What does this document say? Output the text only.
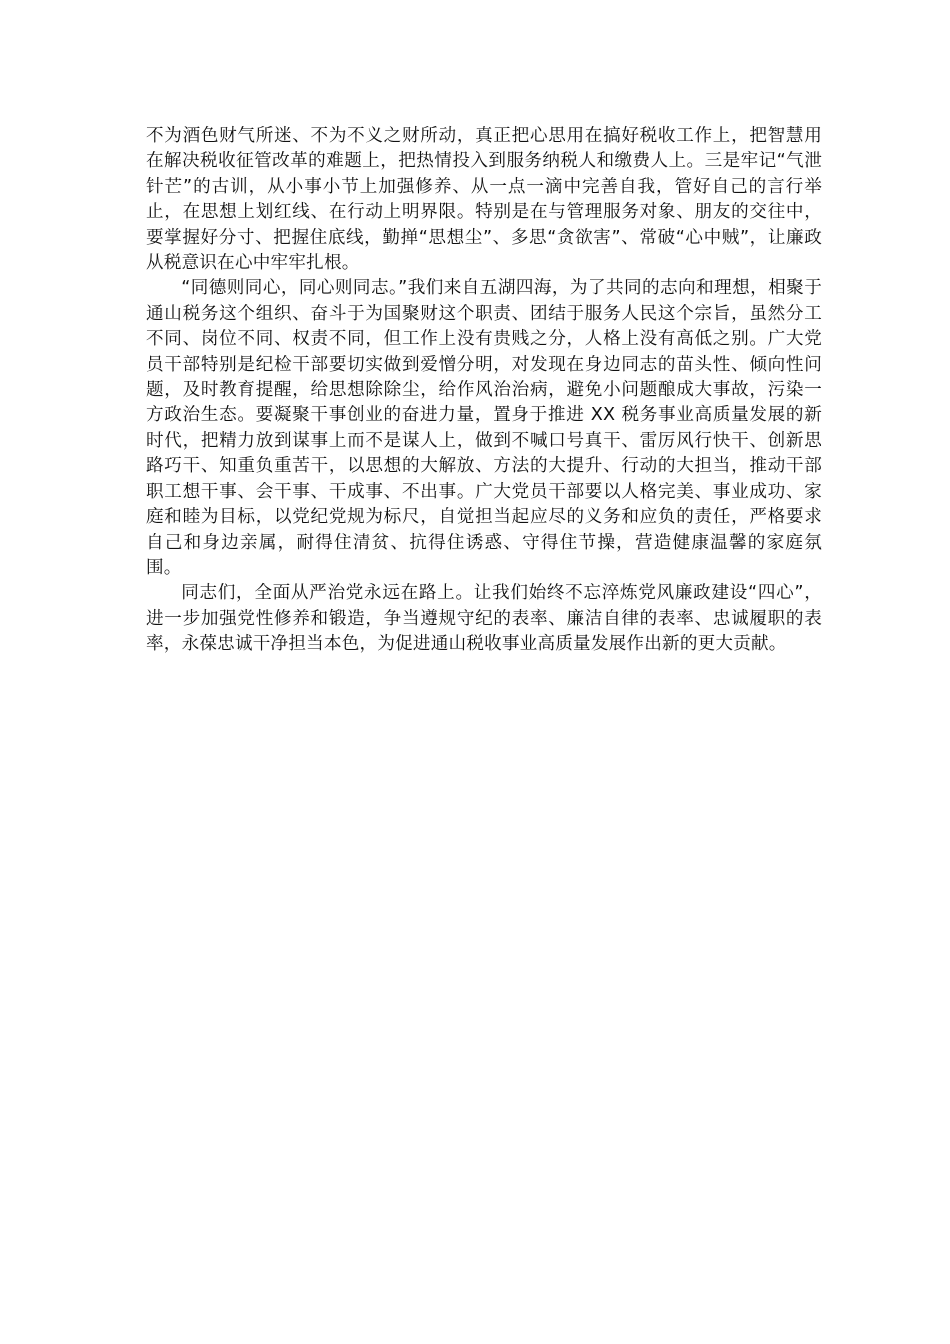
不为酒色财气所迷、不为不义之财所动，真正把心思用在搞好税收工作上，把智慧用在解决税收征管改革的难题上，把热情投入到服务纳税人和缴费人上。三是牢记“气泄针芒”的古训，从小事小节上加强修养、从一点一滴中完善自我，管好自己的言行举止，在思想上划红线、在行动上明界限。特别是在与管理服务对象、朋友的交往中，要掌握好分寸、把握住底线，勤掸“思想尘”、多思“贪欲害”、常破“心中贼”，让廉政从税意识在心中牢牢扎根。

“同德则同心，同心则同志。”我们来自五湖四海，为了共同的志向和理想，相聚于通山税务这个组织、奋斗于为国聚财这个职责、团结于服务人民这个宗旨，虽然分工不同、岗位不同、权责不同，但工作上没有贵贱之分，人格上没有高低之别。广大党员干部特别是纪检干部要切实做到爱憎分明，对发现在身边同志的苗头性、倾向性问题，及时教育提醒，给思想除除尘，给作风治治病，避免小问题酿成大事故，污染一方政治生态。要凝聚干事创业的奋进力量，置身于推进 XX 税务事业高质量发展的新时代，把精力放到谋事上而不是谋人上，做到不喊口号真干、雷厉风行快干、创新思路巧干、知重负重苦干，以思想的大解放、方法的大提升、行动的大担当，推动干部职工想干事、会干事、干成事、不出事。广大党员干部要以人格完美、事业成功、家庭和睦为目标，以党纪党规为标尺，自觉担当起应尽的义务和应负的责任，严格要求自己和身边亲属，耐得住清贫、抗得住诱惑、守得住节操，营造健康温馨的家庭氛围。

同志们，全面从严治党永远在路上。让我们始终不忘淬炼党风廉政建设“四心”，进一步加强党性修养和锻造，争当遵规守纪的表率、廉洁自律的表率、忠诚履职的表率，永葆忠诚干净担当本色，为促进通山税收事业高质量发展作出新的更大贡献。
